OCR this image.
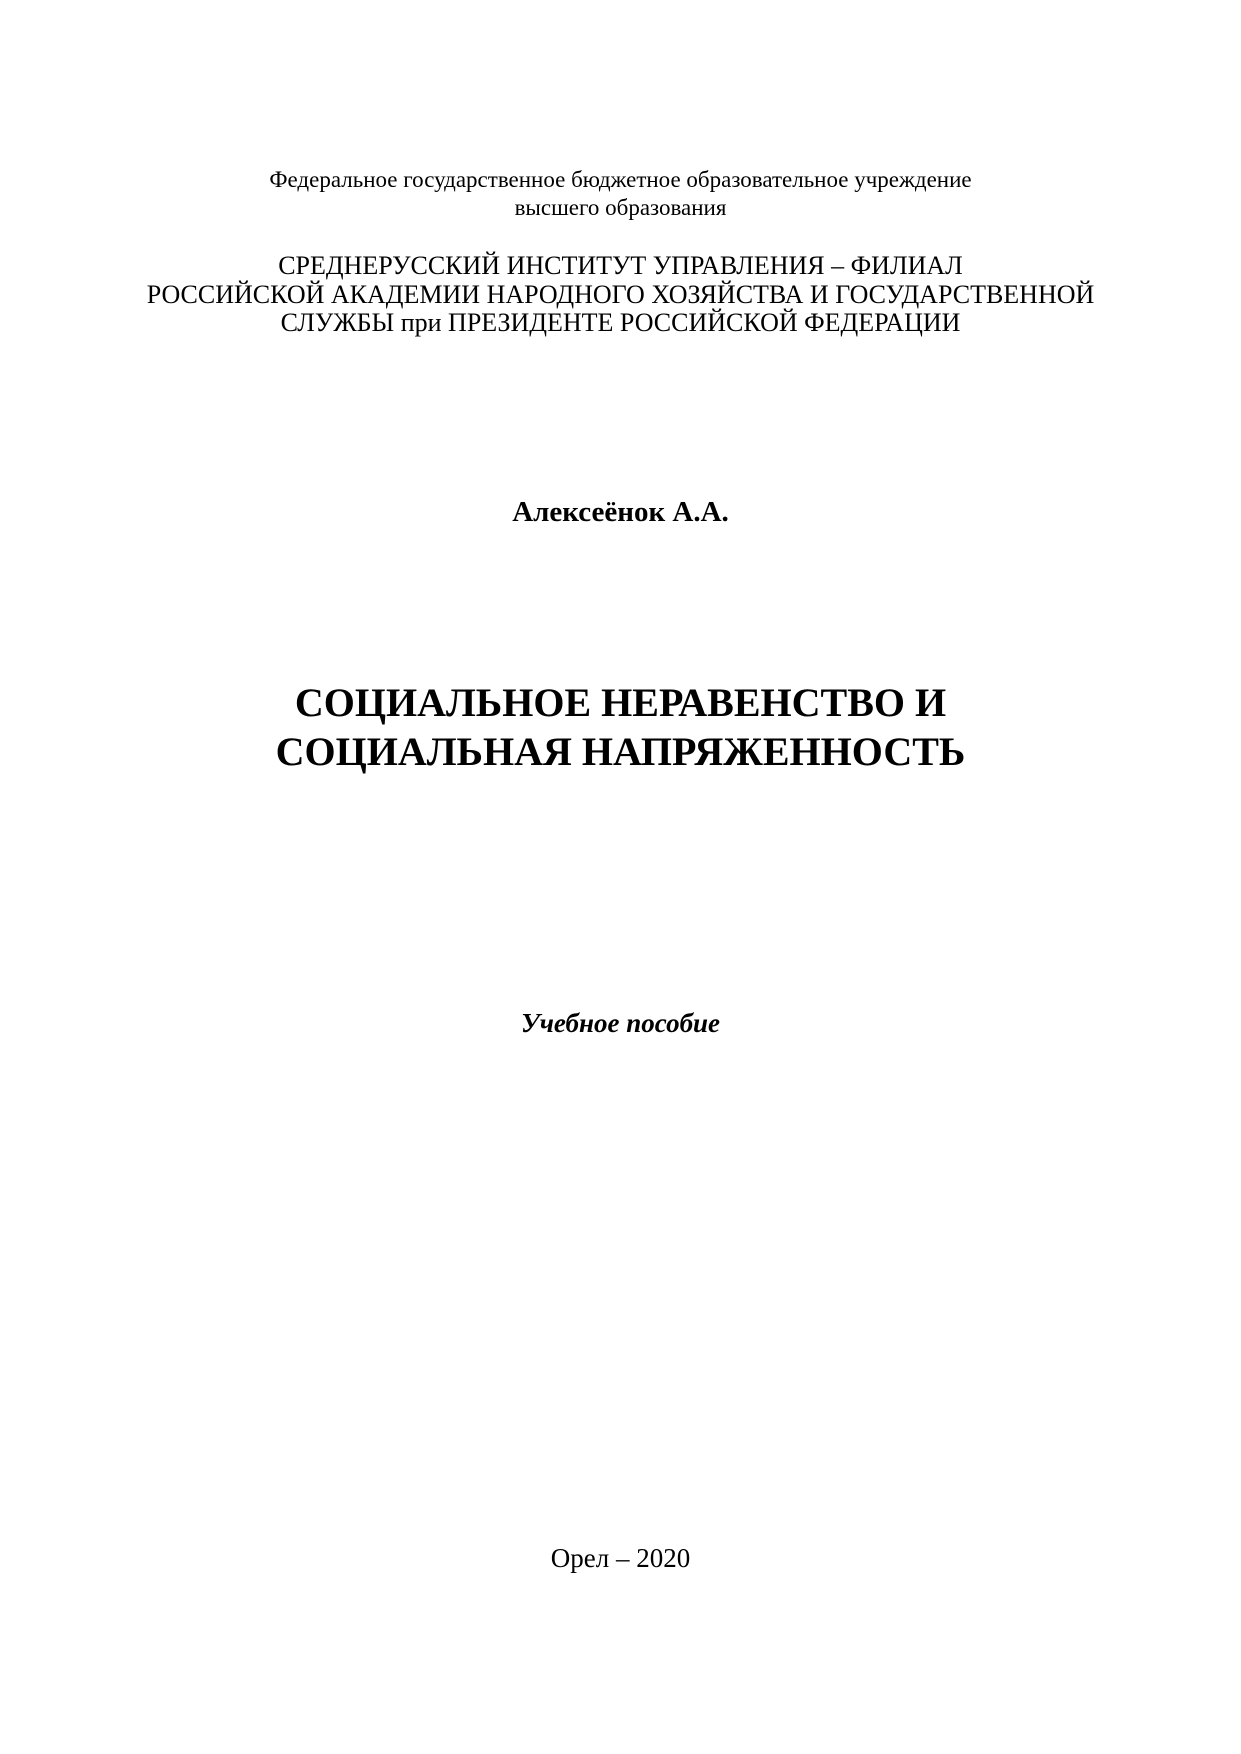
Федеральное государственное бюджетное образовательное учреждение
высшего образования
СРЕДНЕРУССКИЙ ИНСТИТУТ УПРАВЛЕНИЯ – ФИЛИАЛ
РОССИЙСКОЙ АКАДЕМИИ НАРОДНОГО ХОЗЯЙСТВА И ГОСУДАРСТВЕННОЙ
СЛУЖБЫ при ПРЕЗИДЕНТЕ РОССИЙСКОЙ ФЕДЕРАЦИИ
Алексеёнок А.А.
СОЦИАЛЬНОЕ НЕРАВЕНСТВО И
СОЦИАЛЬНАЯ НАПРЯЖЕННОСТЬ
Учебное пособие
Орел – 2020
